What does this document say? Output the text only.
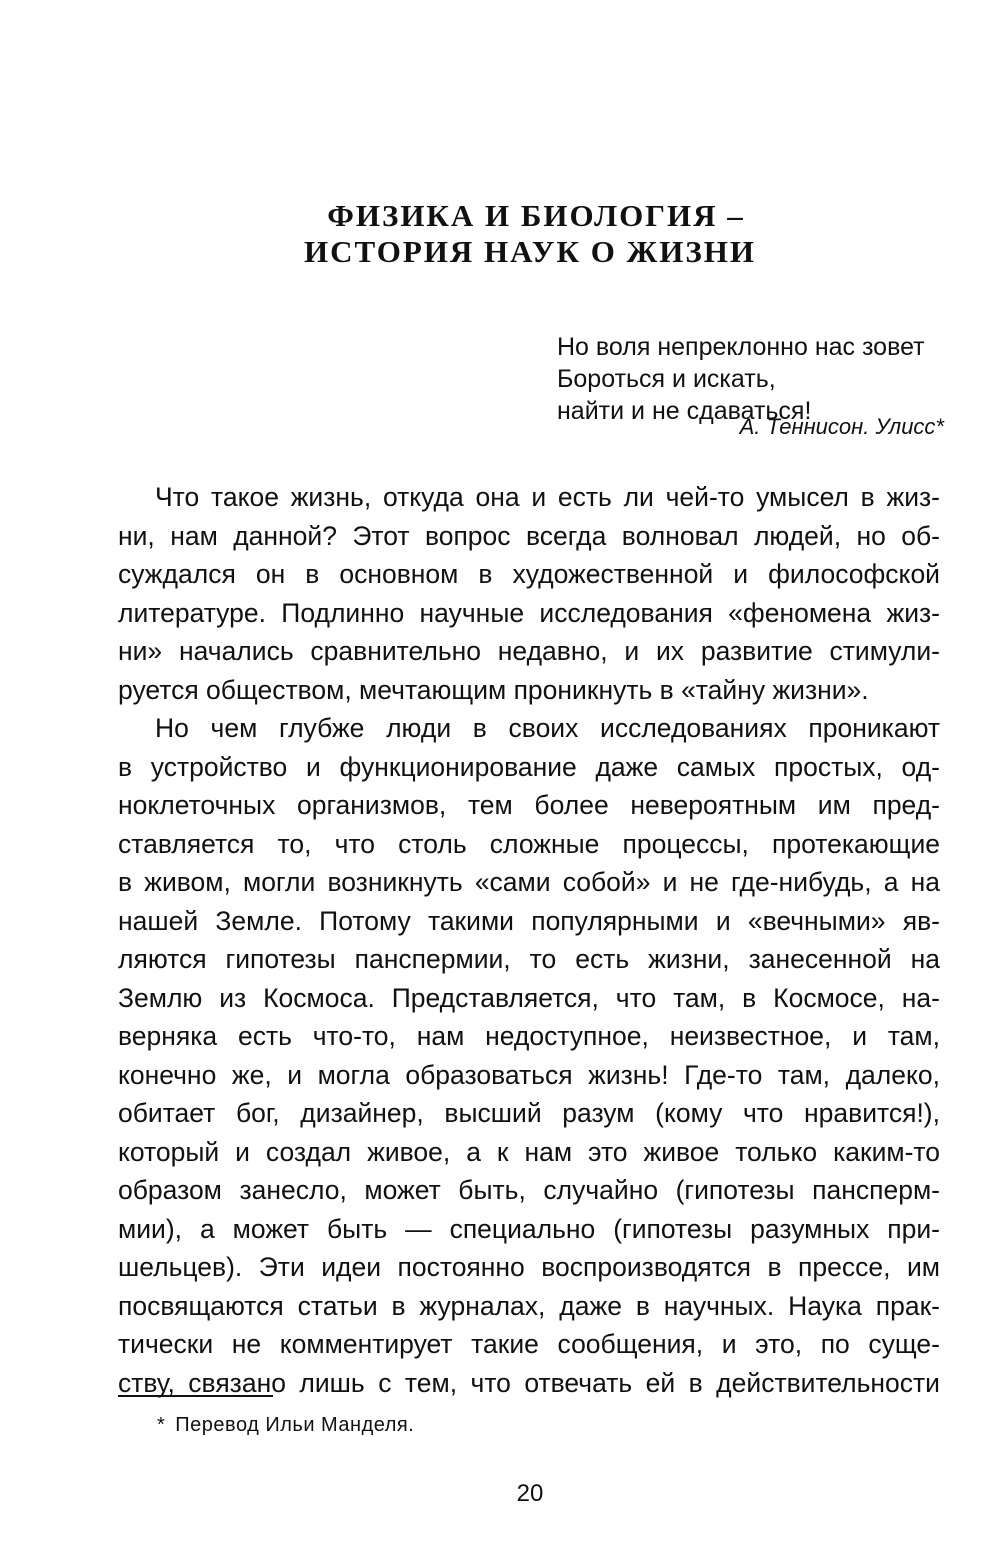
ФИЗИКА И БИОЛОГИЯ –
ИСТОРИЯ НАУК О ЖИЗНИ
Но воля непреклонно нас зовет
Бороться и искать,
найти и не сдаваться!
А. Теннисон. Улисс*
Что такое жизнь, откуда она и есть ли чей-то умысел в жиз-
ни, нам данной? Этот вопрос всегда волновал людей, но об-
суждался он в основном в художественной и философской
литературе. Подлинно научные исследования «феномена жиз-
ни» начались сравнительно недавно, и их развитие стимули-
руется обществом, мечтающим проникнуть в «тайну жизни».
Но чем глубже люди в своих исследованиях проникают
в устройство и функционирование даже самых простых, од-
ноклеточных организмов, тем более невероятным им пред-
ставляется то, что столь сложные процессы, протекающие
в живом, могли возникнуть «сами собой» и не где-нибудь, а на
нашей Земле. Потому такими популярными и «вечными» яв-
ляются гипотезы панспермии, то есть жизни, занесенной на
Землю из Космоса. Представляется, что там, в Космосе, на-
верняка есть что-то, нам недоступное, неизвестное, и там,
конечно же, и могла образоваться жизнь! Где-то там, далеко,
обитает бог, дизайнер, высший разум (кому что нравится!),
который и создал живое, а к нам это живое только каким-то
образом занесло, может быть, случайно (гипотезы пансперм-
мии), а может быть — специально (гипотезы разумных при-
шельцев). Эти идеи постоянно воспроизводятся в прессе, им
посвящаются статьи в журналах, даже в научных. Наука прак-
тически не комментирует такие сообщения, и это, по суще-
ству, связано лишь с тем, что отвечать ей в действительности
* Перевод Ильи Манделя.
20
